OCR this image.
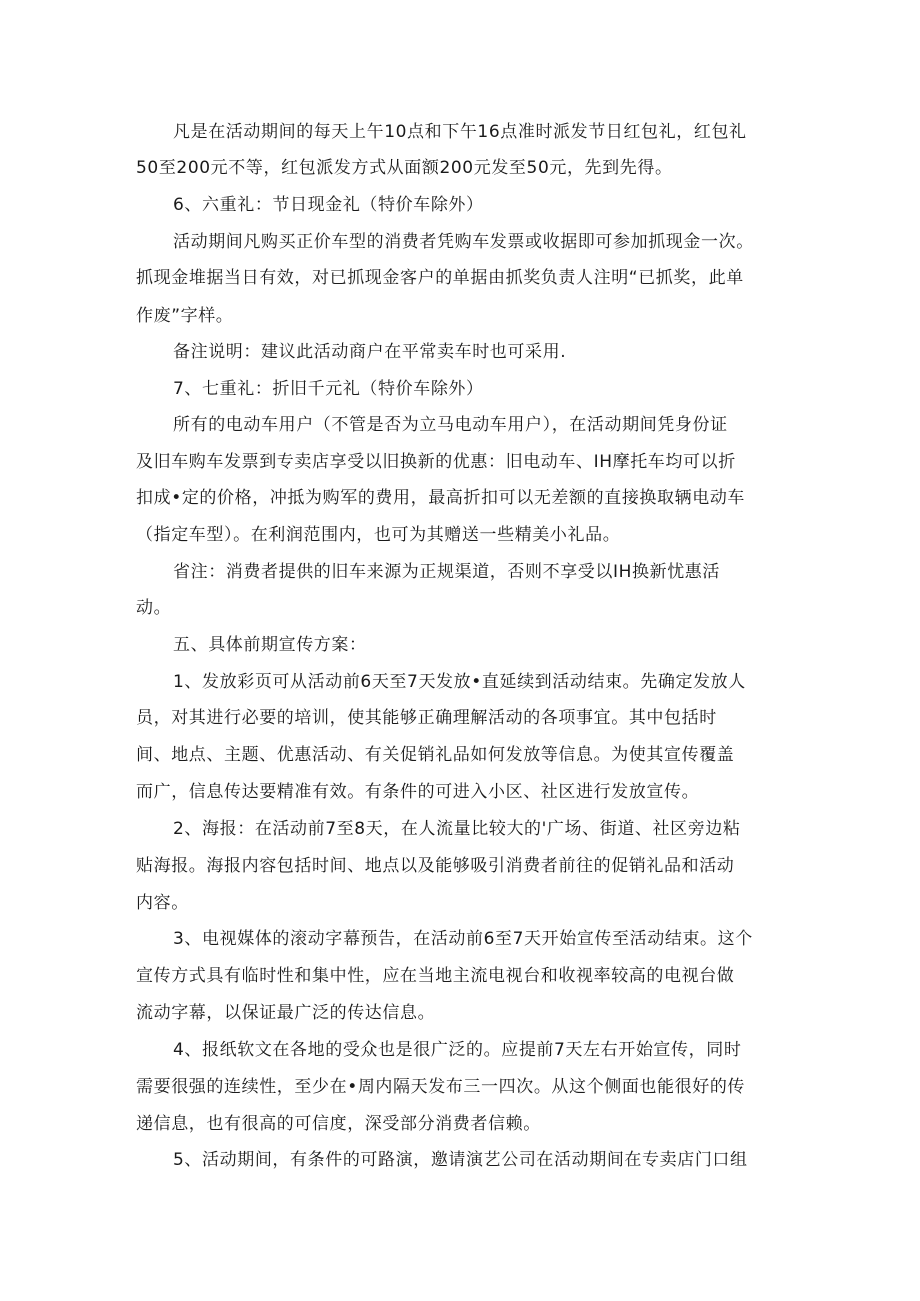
凡是在活动期间的每天上午10点和下午16点准时派发节日红包礼，红包礼

50至200元不等，红包派发方式从面额200元发至50元，先到先得。

6、六重礼：节日现金礼（特价车除外）

活动期间凡购买正价车型的消费者凭购车发票或收据即可参加抓现金一次。

抓现金堆据当日有效，对已抓现金客户的单据由抓奖负责人注明“已抓奖，此单

作废”字样。

备注说明：建议此活动商户在平常卖车时也可采用.

7、七重礼：折旧千元礼（特价车除外）

所有的电动车用户（不管是否为立马电动车用户），在活动期间凭身份证

及旧车购车发票到专卖店享受以旧换新的优惠：旧电动车、IH摩托车均可以折

扣成•定的价格，冲抵为购军的费用，最高折扣可以无差额的直接换取辆电动车

（指定车型）。在利润范围内，也可为其赠送一些精美小礼品。

省注：消费者提供的旧车来源为正规渠道，否则不享受以IH换新忧惠活

动。

五、具体前期宣传方案：

1、发放彩页可从活动前6天至7天发放•直延续到活动结束。先确定发放人

员，对其进行必要的培训，使其能够正确理解活动的各项事宜。其中包括时

间、地点、主题、优惠活动、有关促销礼品如何发放等信息。为使其宣传覆盖

而广，信息传达要精准有效。有条件的可进入小区、社区进行发放宣传。

2、海报：在活动前7至8天，在人流量比较大的'广场、街道、社区旁边粘

贴海报。海报内容包括时间、地点以及能够吸引消费者前往的促销礼品和活动

内容。

3、电视媒体的滚动字幕预告，在活动前6至7天开始宣传至活动结束。这个

宣传方式具有临时性和集中性，应在当地主流电视台和收视率较高的电视台做

流动字幕，以保证最广泛的传达信息。

4、报纸软文在各地的受众也是很广泛的。应提前7天左右开始宣传，同时

需要很强的连续性，至少在•周内隔天发布三一四次。从这个侧面也能很好的传

递信息，也有很高的可信度，深受部分消费者信赖。

5、活动期间，有条件的可路演，邀请演艺公司在活动期间在专卖店门口组
